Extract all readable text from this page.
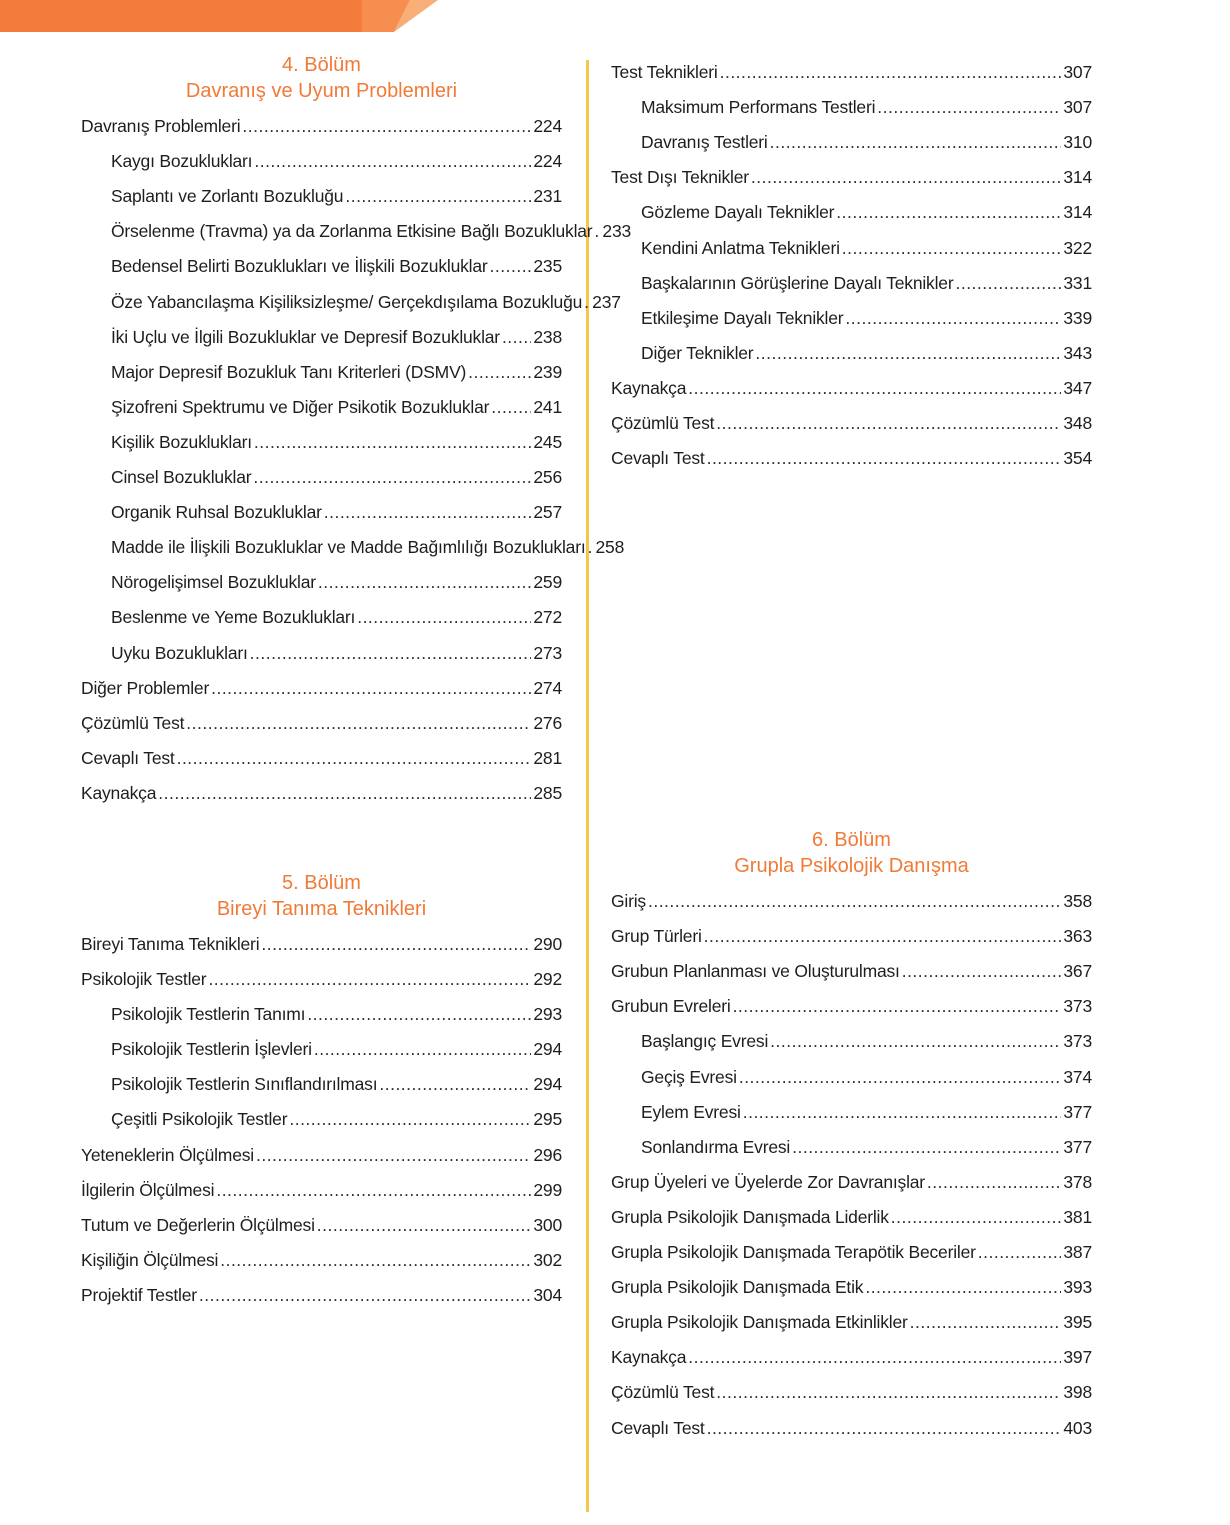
4. Bölüm
Davranış ve Uyum Problemleri
Davranış Problemleri .....	224
Kaygı Bozuklukları .....	224
Saplantı ve Zorlantı Bozukluğu .....	231
Örselenme (Travma) ya da Zorlanma Etkisine Bağlı Bozukluklar ..... 233
Bedensel Belirti Bozuklukları ve İlişkili Bozukluklar .....	235
Öze Yabancılaşma Kişiliksizleşme/ Gerçekdışılama Bozukluğu ..... 237
İki Uçlu ve İlgili Bozukluklar ve Depresif Bozukluklar ..... 238
Major Depresif Bozukluk Tanı Kriterleri (DSMV) .....	239
Şizofreni Spektrumu ve Diğer Psikotik Bozukluklar .....	241
Kişilik Bozuklukları .....	245
Cinsel Bozukluklar .....	256
Organik Ruhsal Bozukluklar .....	257
Madde ile İlişkili Bozukluklar ve Madde Bağımlılığı Bozuklukları ..... 258
Nörogelişimsel Bozukluklar .....	259
Beslenme ve Yeme Bozuklukları .....	272
Uyku Bozuklukları .....	273
Diğer Problemler .....	274
Çözümlü Test .....	276
Cevaplı Test .....	281
Kaynakça .....	285
5. Bölüm
Bireyi Tanıma Teknikleri
Bireyi Tanıma Teknikleri .....	290
Psikolojik Testler .....	292
Psikolojik Testlerin Tanımı .....	293
Psikolojik Testlerin İşlevleri .....	294
Psikolojik Testlerin Sınıflandırılması .....	294
Çeşitli Psikolojik Testler .....	295
Yeteneklerin Ölçülmesi .....	296
İlgilerin Ölçülmesi .....	299
Tutum ve Değerlerin Ölçülmesi .....	300
Kişiliğin Ölçülmesi .....	302
Projektif Testler .....	304
Test Teknikleri .....	307
Maksimum Performans Testleri .....	307
Davranış Testleri .....	310
Test Dışı Teknikler .....	314
Gözleme Dayalı Teknikler .....	314
Kendini Anlatma Teknikleri .....	322
Başkalarının Görüşlerine Dayalı Teknikler .....	331
Etkileşime Dayalı Teknikler .....	339
Diğer Teknikler .....	343
Kaynakça .....	347
Çözümlü Test .....	348
Cevaplı Test .....	354
6. Bölüm
Grupla Psikolojik Danışma
Giriş .....	358
Grup Türleri .....	363
Grubun Planlanması ve Oluşturulması .....	367
Grubun Evreleri .....	373
Başlangıç Evresi .....	373
Geçiş Evresi .....	374
Eylem Evresi .....	377
Sonlandırma Evresi .....	377
Grup Üyeleri ve Üyelerde Zor Davranışlar .....	378
Grupla Psikolojik Danışmada Liderlik .....	381
Grupla Psikolojik Danışmada Terapötik Beceriler .....	387
Grupla Psikolojik Danışmada Etik .....	393
Grupla Psikolojik Danışmada Etkinlikler .....	395
Kaynakça .....	397
Çözümlü Test .....	398
Cevaplı Test .....	403
